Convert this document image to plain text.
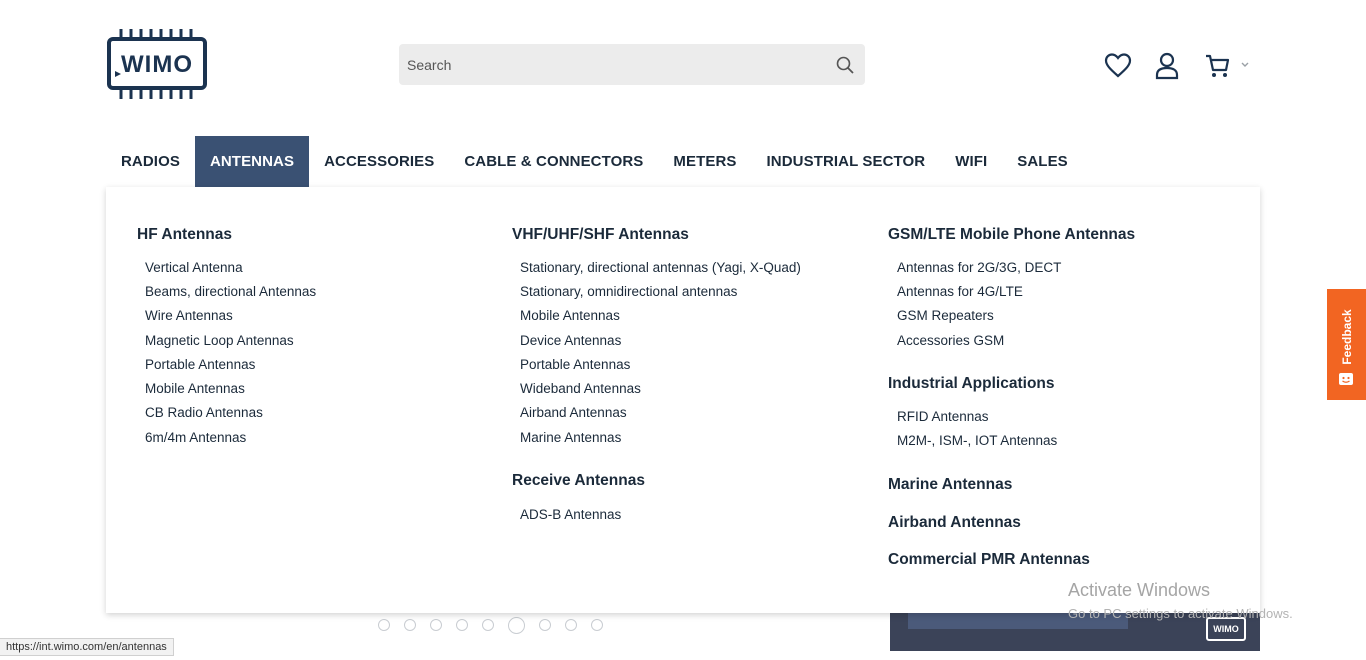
WIMO
Search
RADIOS	ANTENNAS	ACCESSORIES	CABLE & CONNECTORS	METERS	INDUSTRIAL SECTOR	WIFI	SALES
WIMO
HF Antennas
Vertical Antenna
Beams, directional Antennas
Wire Antennas
Magnetic Loop Antennas
Portable Antennas
Mobile Antennas
CB Radio Antennas
6m/4m Antennas
VHF/UHF/SHF Antennas
Stationary, directional antennas (Yagi, X-Quad)
Stationary, omnidirectional antennas
Mobile Antennas
Device Antennas
Portable Antennas
Wideband Antennas
Airband Antennas
Marine Antennas
Receive Antennas
ADS-B Antennas
GSM/LTE Mobile Phone Antennas
Antennas for 2G/3G, DECT
Antennas for 4G/LTE
GSM Repeaters
Accessories GSM
Industrial Applications
RFID Antennas
M2M-, ISM-, IOT Antennas
Marine Antennas
Airband Antennas
Commercial PMR Antennas
Activate Windows
Go to PC settings to activate Windows.
https://int.wimo.com/en/antennas
Feedback
